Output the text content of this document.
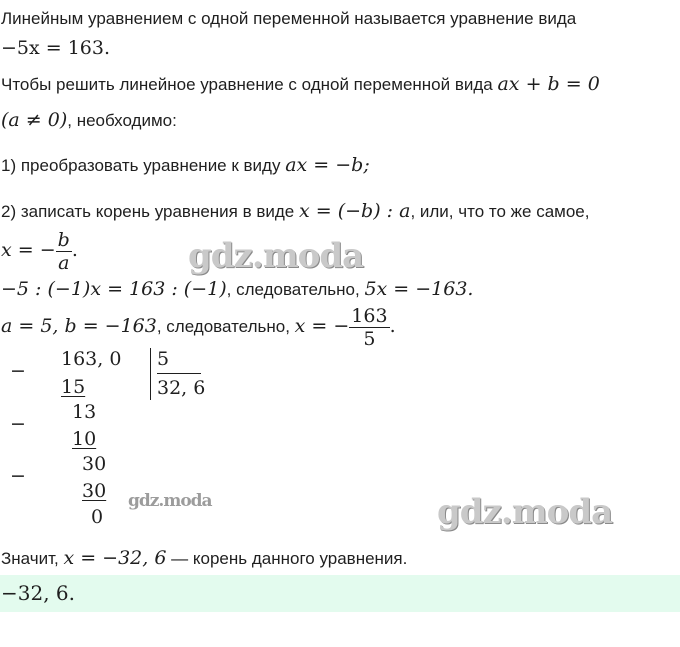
Линейным уравнением с одной переменной называется уравнение вида
−5x = 163.
Чтобы решить линейное уравнение с одной переменной вида ax + b = 0
(a ≠ 0), необходимо:
1) преобразовать уравнение к виду ax = −b;
2) записать корень уравнения в виде x = (−b) : a, или, что то же самое,
x = − $\frac{b}{a}$ .
−5 : (−1)x = 163 : (−1), следовательно, 5x = −163.
a = 5, b = −163, следовательно, x = − $\frac{163}{5}$ .
−
163, 0
15
5
32, 6
−
13
10
−
30
30
0
Значит, x = −32, 6 — корень данного уравнения.
−32, 6.
gdz.moda
gdz.moda	gdz.moda
